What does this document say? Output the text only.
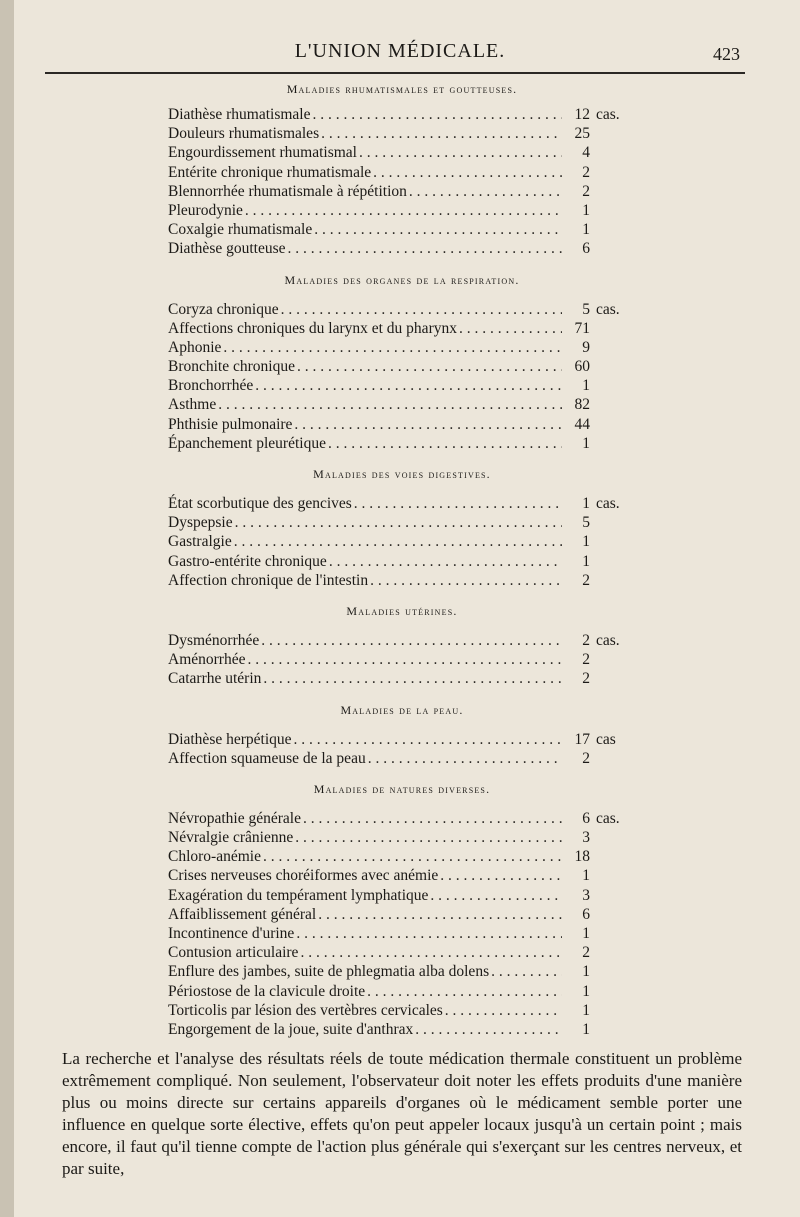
L'UNION MÉDICALE.	423
Maladies rhumatismales et goutteuses.
Diathèse rhumatismale . . .	12 cas.
Douleurs rhumatismales . . .	25
Engourdissement rhumatismal . . .	4
Entérite chronique rhumatismale . . .	2
Blennorrhée rhumatismale à répétition . . .	2
Pleurodynie . . .	1
Coxalgie rhumatismale . . .	1
Diathèse goutteuse . . .	6
Maladies des organes de la respiration.
Coryza chronique . . .	5 cas.
Affections chroniques du larynx et du pharynx . . .	71
Aphonie . . .	9
Bronchite chronique . . .	60
Bronchorrhée . . .	1
Asthme . . .	82
Phthisie pulmonaire . . .	44
Épanchement pleurétique . . .	1
Maladies des voies digestives.
État scorbutique des gencives . . .	1 cas.
Dyspepsie . . .	5
Gastralgie . . .	1
Gastro-entérite chronique . . .	1
Affection chronique de l'intestin . . .	2
Maladies utérines.
Dysménorrhée . . .	2 cas.
Aménorrhée . . .	2
Catarrhe utérin . . .	2
Maladies de la peau.
Diathèse herpétique . . .	17 cas
Affection squameuse de la peau . . .	2
Maladies de natures diverses.
Névropathie générale . . .	6 cas.
Névralgie crânienne . . .	3
Chloro-anémie . . .	18
Crises nerveuses choréiformes avec anémie . . .	1
Exagération du tempérament lymphatique . . .	3
Affaiblissement général . . .	6
Incontinence d'urine . . .	1
Contusion articulaire . . .	2
Enflure des jambes, suite de phlegmatia alba dolens . . .	1
Périostose de la clavicule droite . . .	1
Torticolis par lésion des vertèbres cervicales . . .	1
Engorgement de la joue, suite d'anthrax . . .	1
La recherche et l'analyse des résultats réels de toute médication thermale constituent un problème extrêmement compliqué. Non seulement, l'observateur doit noter les effets produits d'une manière plus ou moins directe sur certains appareils d'organes où le médicament semble porter une influence en quelque sorte élective, effets qu'on peut appeler locaux jusqu'à un certain point ; mais encore, il faut qu'il tienne compte de l'action plus générale qui s'exerçant sur les centres nerveux, et par suite,
